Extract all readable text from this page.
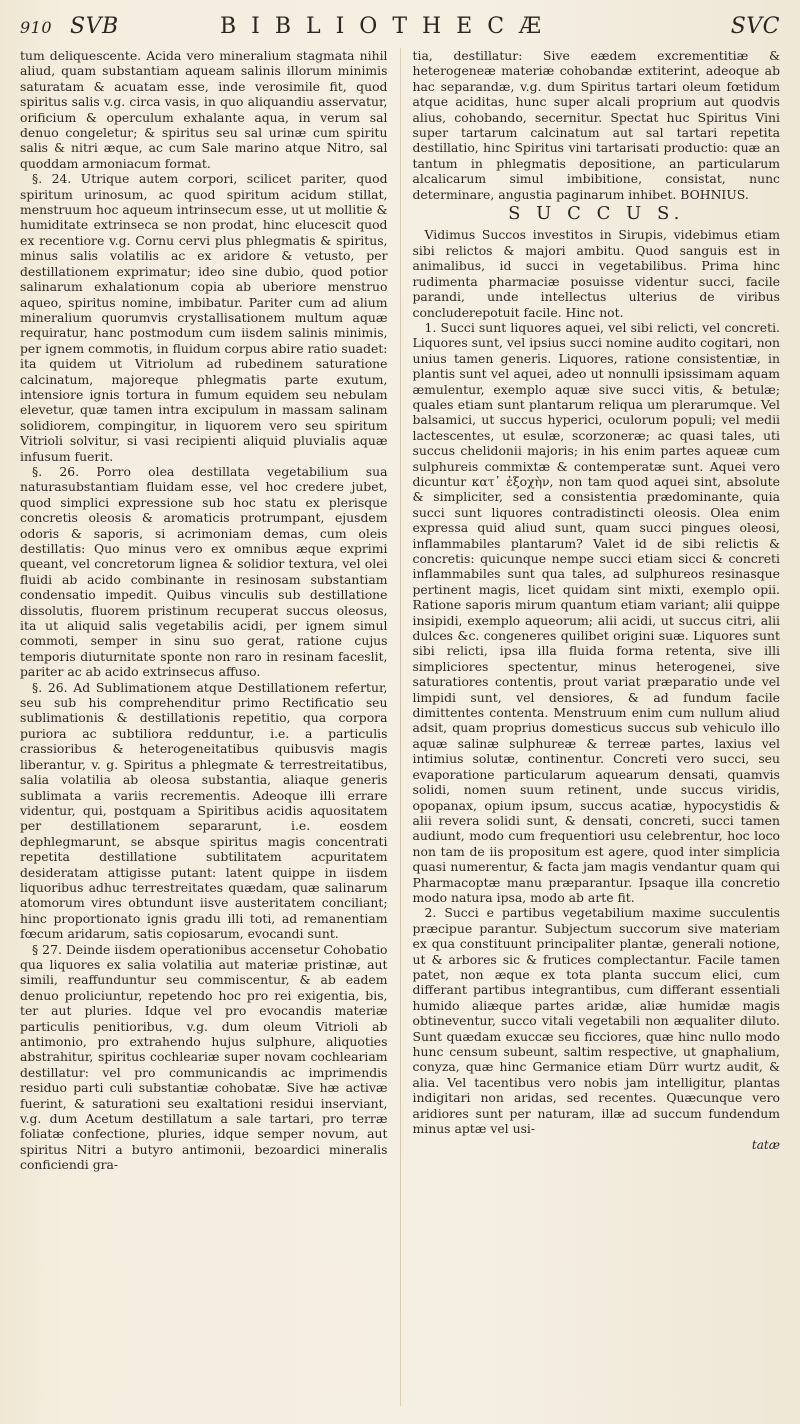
910 SVB	B I B L I O T H E C Æ	SVC

tum deliquescente. Acida vero mineralium stagmata nihil aliud, quam substantiam aqueam salinis illorum minimis saturatam & acuatam esse, inde verosimile fit, quod spiritus salis v.g. circa vasis, in quo aliquandiu asservatur, orificium & operculum exhalante aqua, in verum sal denuo congeletur; & spiritus seu sal urinæ cum spiritu salis & nitri æque, ac cum Sale marino atque Nitro, sal quoddam armoniacum format.

§. 24. Utrique autem corpori, scilicet pariter, quod spiritum urinosum, ac quod spiritum acidum stillat, menstruum hoc aqueum intrinsecum esse, ut ut mollitie & humiditate extrinseca se non prodat, hinc elucescit quod ex recentiore v.g. Cornu cervi plus phlegmatis & spiritus, minus salis volatilis ac ex aridore & vetusto, per destillationem exprimatur; ideo sine dubio, quod potior salinarum exhalationum copia ab uberiore menstruo aqueo, spiritus nomine, imbibatur. Pariter cum ad alium mineralium quorumvis crystallisationem multum aquæ requiratur, hanc postmodum cum iisdem salinis minimis, per ignem commotis, in fluidum corpus abire ratio suadet: ita quidem ut Vitriolum ad rubedinem saturatione calcinatum, majoreque phlegmatis parte exutum, intensiore ignis tortura in fumum equidem seu nebulam elevetur, quæ tamen intra excipulum in massam salinam solidiorem, compingitur, in liquorem vero seu spiritum Vitrioli solvitur, si vasi recipienti aliquid pluvialis aquæ infusum fuerit.

§. 26. Porro olea destillata vegetabilium sua naturasubstantiam fluidam esse, vel hoc credere jubet, quod simplici expressione sub hoc statu ex plerisque concretis oleosis & aromaticis protrumpant, ejusdem odoris & saporis, si acrimoniam demas, cum oleis destillatis: Quo minus vero ex omnibus æque exprimi queant, vel concretorum lignea & solidior textura, vel olei fluidi ab acido combinante in resinosam substantiam condensatio impedit. Quibus vinculis sub destillatione dissolutis, fluorem pristinum recuperat succus oleosus, ita ut aliquid salis vegetabilis acidi, per ignem simul commoti, semper in sinu suo gerat, ratione cujus temporis diuturnitate sponte non raro in resinam faceslit, pariter ac ab acido extrinsecus affuso.

§. 26. Ad Sublimationem atque Destillationem refertur, seu sub his comprehenditur primo Rectificatio seu sublimationis & destillationis repetitio, qua corpora puriora ac subtiliora redduntur, i.e. a particulis crassioribus & heterogeneitatibus quibusvis magis liberantur, v. g. Spiritus a phlegmate & terrestreitatibus, salia volatilia ab oleosa substantia, aliaque generis sublimata a variis recrementis. Adeoque illi errare videntur, qui, postquam a Spiritibus acidis aquositatem per destillationem separarunt, i.e. eosdem dephlegmarunt, se absque spiritus magis concentrati repetita destillatione subtilitatem acpuritatem desideratam attigisse putant: latent quippe in iisdem liquoribus adhuc terrestreitates quædam, quæ salinarum atomorum vires obtundunt iisve austeritatem conciliant; hinc proportionato ignis gradu illi toti, ad remanentiam fœcum aridarum, satis copiosarum, evocandi sunt.

§ 27. Deinde iisdem operationibus accensetur Cohobatio qua liquores ex salia volatilia aut materiæ pristinæ, aut simili, reaffunduntur seu commiscentur, & ab eadem denuo proliciuntur, repetendo hoc pro rei exigentia, bis, ter aut pluries. Idque vel pro evocandis materiæ particulis penitioribus, v.g. dum oleum Vitrioli ab antimonio, pro extrahendo hujus sulphure, aliquoties abstrahitur, spiritus cochleariæ super novam cochleariam destillatur: vel pro communicandis ac imprimendis residuo parti culi substantiæ cohobatæ. Sive hæ activæ fuerint, & saturationi seu exaltationi residui inserviant, v.g. dum Acetum destillatum a sale tartari, pro terræ foliatæ confectione, pluries, idque semper novum, aut spiritus Nitri a butyro antimonii, bezoardici mineralis conficiendi gra-

tia, destillatur: Sive eædem excrementitiæ & heterogeneæ materiæ cohobandæ extiterint, adeoque ab hac separandæ, v.g. dum Spiritus tartari oleum fœtidum atque aciditas, hunc super alcali proprium aut quodvis alius, cohobando, secernitur. Spectat huc Spiritus Vini super tartarum calcinatum aut sal tartari repetita destillatio, hinc Spiritus vini tartarisati productio: quæ an tantum in phlegmatis depositione, an particularum alcalicarum simul imbibitione, consistat, nunc determinare, angustia paginarum inhibet. BOHNIUS.

S U C C U S.

Vidimus Succos investitos in Sirupis, videbimus etiam sibi relictos & majori ambitu. Quod sanguis est in animalibus, id succi in vegetabilibus. Prima hinc rudimenta pharmaciæ posuisse videntur succi, facile parandi, unde intellectus ulterius de viribus concluderepotuit facile. Hinc not.

1. Succi sunt liquores aquei, vel sibi relicti, vel concreti. Liquores sunt, vel ipsius succi nomine audito cogitari, non unius tamen generis. Liquores, ratione consistentiæ, in plantis sunt vel aquei, adeo ut nonnulli ipsissimam aquam æmulentur, exemplo aquæ sive succi vitis, & betulæ; quales etiam sunt plantarum reliqua um plerarumque. Vel balsamici, ut succus hyperici, oculorum populi; vel medii lactescentes, ut esulæ, scorzoneræ; ac quasi tales, uti succus chelidonii majoris; in his enim partes aqueæ cum sulphureis commixtæ & contemperatæ sunt. Aquei vero dicuntur κατ᾽ ἐξοχὴν, non tam quod aquei sint, absolute & simpliciter, sed a consistentia prædominante, quia succi sunt liquores contradistincti oleosis. Olea enim expressa quid aliud sunt, quam succi pingues oleosi, inflammabiles plantarum? Valet id de sibi relictis & concretis: quicunque nempe succi etiam sicci & concreti inflammabiles sunt qua tales, ad sulphureos resinasque pertinent magis, licet quidam sint mixti, exemplo opii. Ratione saporis mirum quantum etiam variant; alii quippe insipidi, exemplo aqueorum; alii acidi, ut succus citri, alii dulces &c. congeneres quilibet origini suæ. Liquores sunt sibi relicti, ipsa illa fluida forma retenta, sive illi simpliciores spectentur, minus heterogenei, sive saturatiores contentis, prout variat præparatio unde vel limpidi sunt, vel densiores, & ad fundum facile dimittentes contenta. Menstruum enim cum nullum aliud adsit, quam proprius domesticus succus sub vehiculo illo aquæ salinæ sulphureæ & terreæ partes, laxius vel intimius solutæ, continentur. Concreti vero succi, seu evaporatione particularum aquearum densati, quamvis solidi, nomen suum retinent, unde succus viridis, opopanax, opium ipsum, succus acatiæ, hypocystidis & alii revera solidi sunt, & densati, concreti, succi tamen audiunt, modo cum frequentiori usu celebrentur, hoc loco non tam de iis propositum est agere, quod inter simplicia quasi numerentur, & facta jam magis vendantur quam qui Pharmacoptæ manu præparantur. Ipsaque illa concretio modo natura ipsa, modo ab arte fit.

2. Succi e partibus vegetabilium maxime succulentis præcipue parantur. Subjectum succorum sive materiam ex qua constituunt principaliter plantæ, generali notione, ut & arbores sic & frutices complectantur. Facile tamen patet, non æque ex tota planta succum elici, cum differant partibus integrantibus, cum differant essentiali humido aliæque partes aridæ, aliæ humidæ magis obtineventur, succo vitali vegetabili non æqualiter diluto. Sunt quædam exuccæ seu ficciores, quæ hinc nullo modo hunc censum subeunt, saltim respective, ut gnaphalium, conyza, quæ hinc Germanice etiam Dürr wurtz audit, & alia. Vel tacentibus vero nobis jam intelligitur, plantas indigitari non aridas, sed recentes. Quæcunque vero aridiores sunt per naturam, illæ ad succum fundendum minus aptæ vel usi-

tatæ
